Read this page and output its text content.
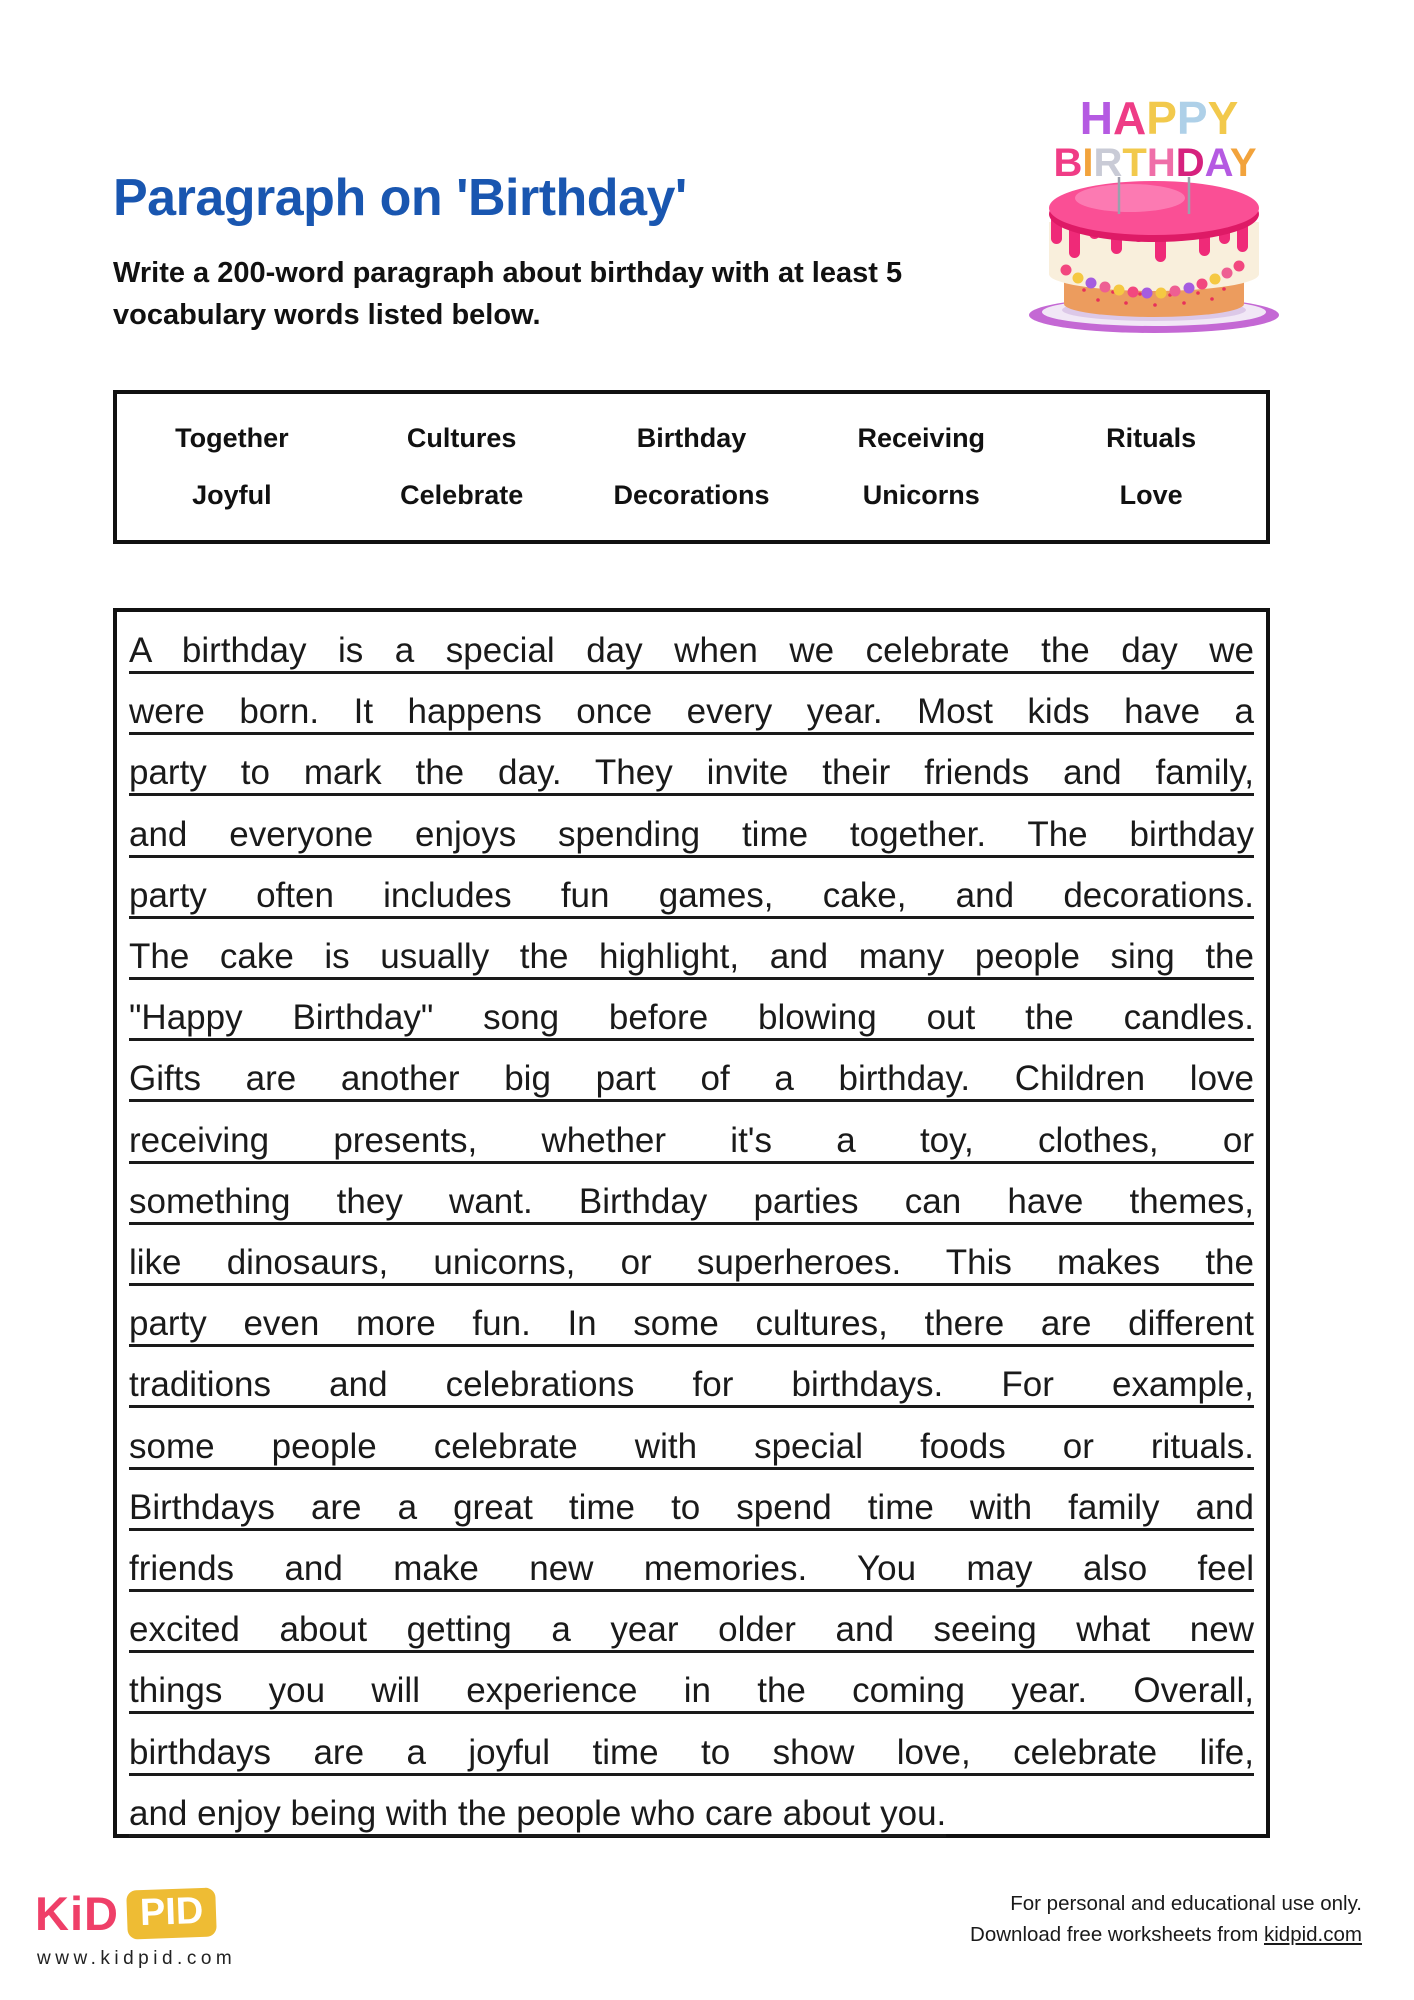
Paragraph on 'Birthday'
Write a 200-word paragraph about birthday with at least 5
vocabulary words listed below.
HAPPY
BIRTHDAY
Together	Cultures	Birthday	Receiving	Rituals
Joyful	Celebrate	Decorations	Unicorns	Love
A birthday is a special day when we celebrate the day we
were born. It happens once every year. Most kids have a
party to mark the day. They invite their friends and family,
and everyone enjoys spending time together. The birthday
party often includes fun games, cake, and decorations.
The cake is usually the highlight, and many people sing the
"Happy Birthday" song before blowing out the candles.
Gifts are another big part of a birthday. Children love
receiving presents, whether it's a toy, clothes, or
something they want. Birthday parties can have themes,
like dinosaurs, unicorns, or superheroes. This makes the
party even more fun. In some cultures, there are different
traditions and celebrations for birthdays. For example,
some people celebrate with special foods or rituals.
Birthdays are a great time to spend time with family and
friends and make new memories. You may also feel
excited about getting a year older and seeing what new
things you will experience in the coming year. Overall,
birthdays are a joyful time to show love, celebrate life,
and enjoy being with the people who care about you.
KiD PID
www.kidpid.com
For personal and educational use only.
Download free worksheets from kidpid.com
